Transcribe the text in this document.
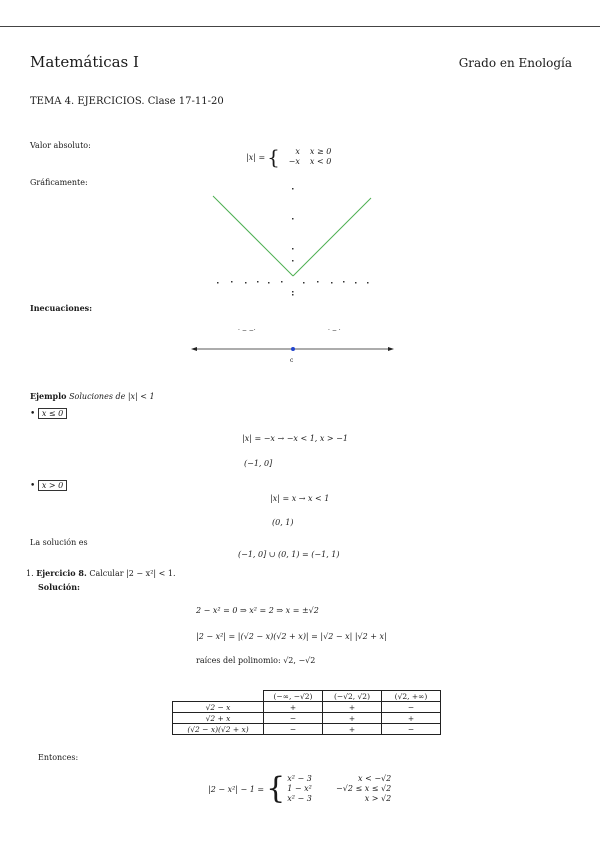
Matemáticas I	Grado en Enología
TEMA 4. EJERCICIOS. Clase 17-11-20
Valor absoluto:
|x| = {	x x ≥ 0
−x x < 0
Gráficamente:
Inecuaciones:
· − −·	· − ·
c
Ejemplo Soluciones de |x| < 1
• x ≤ 0
|x| = −x → −x < 1, x > −1
(−1, 0]
• x > 0
|x| = x → x < 1
(0, 1)
La solución es
(−1, 0] ∪ (0, 1) = (−1, 1)
1. Ejercicio 8. Calcular |2 − x²| < 1.
Solución:
2 − x² = 0 ⇒ x² = 2 ⇒ x = ±√2
|2 − x²| = |(√2 − x)(√2 + x)| = |√2 − x| |√2 + x|
raíces del polinomio: √2, −√2
	(−∞, −√2)	(−√2, √2)	(√2, +∞)
√2 − x	+	+	−
√2 + x	−	+	+
(√2 − x)(√2 + x)	−	+	−
Entonces:
|2 − x²| − 1 = { x² − 3	x < −√2
1 − x²	−√2 ≤ x ≤ √2
x² − 3	x > √2
